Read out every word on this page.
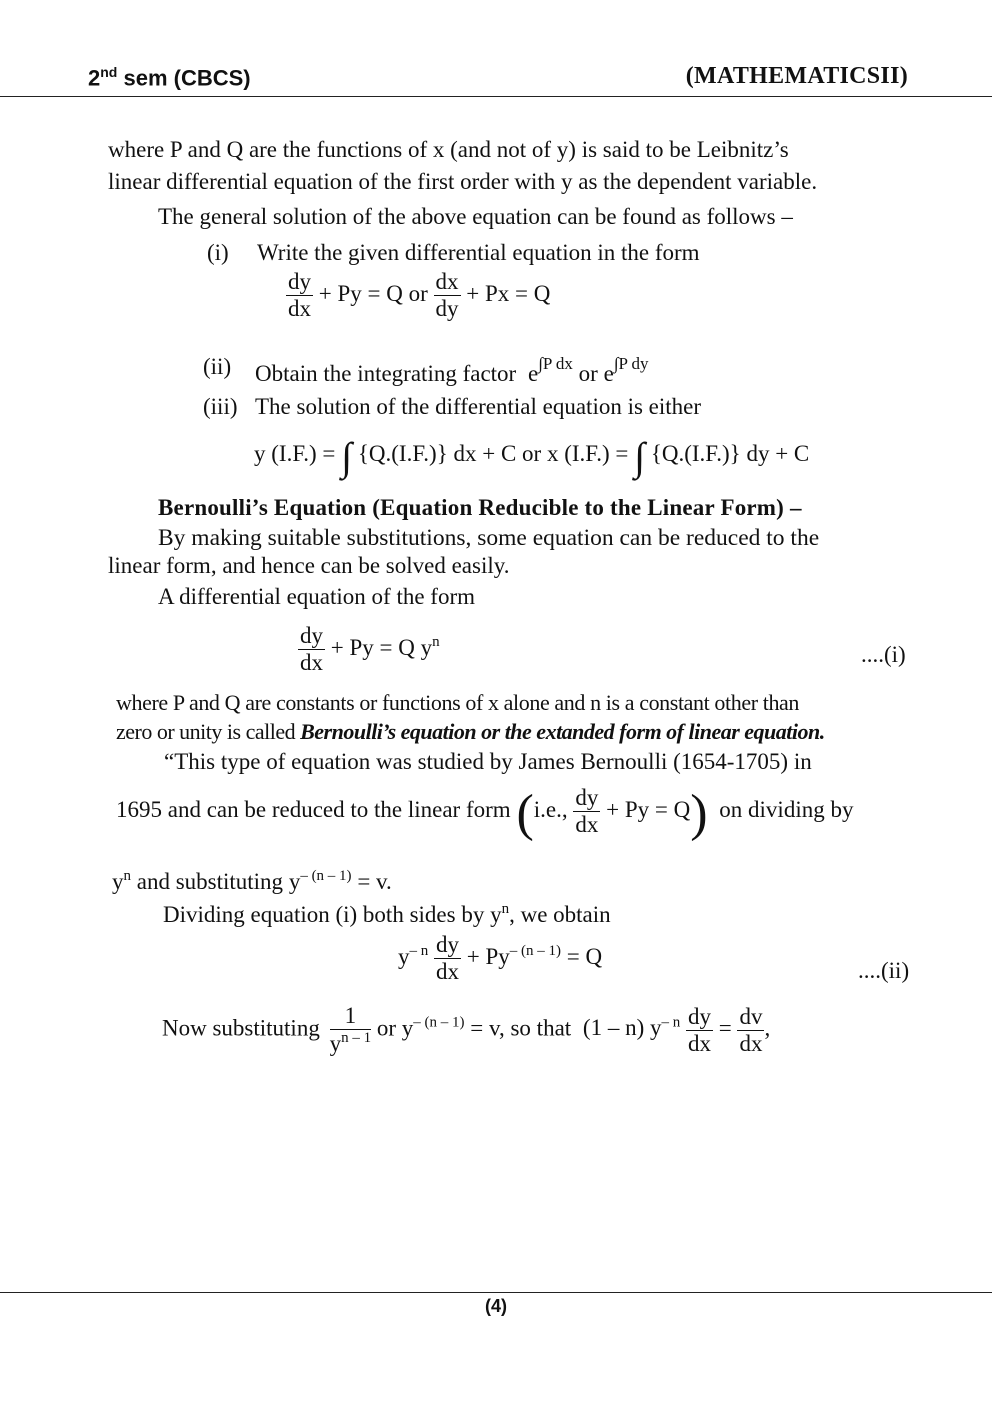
2nd sem (CBCS)	(MATHEMATICSII)
where P and Q are the functions of x (and not of y) is said to be Leibnitz’s
linear differential equation of the first order with y as the dependent variable.
The general solution of the above equation can be found as follows –
(i) Write the given differential equation in the form
$\frac{dy}{dx} + Py = Q$ or $\frac{dx}{dy} + Px = Q$
(ii) Obtain the integrating factor $e^{\int P dx}$ or $e^{\int P dy}$
(iii) The solution of the differential equation is either
y (I.F.) = ∫ {Q.(I.F.)} dx + C or x (I.F.) = ∫ {Q.(I.F.)} dy + C
Bernoulli’s Equation (Equation Reducible to the Linear Form) –
By making suitable substitutions, some equation can be reduced to the
linear form, and hence can be solved easily.
A differential equation of the form
$\frac{dy}{dx} + Py = Q$ $y^n$
....(i)
where P and Q are constants or functions of x alone and n is a constant other than
zero or unity is called Bernoulli’s equation or the extanded form of linear equation.
“This type of equation was studied by James Bernoulli (1654-1705) in
1695 and can be reduced to the linear form (i.e., $\frac{dy}{dx} + Py = Q$) on dividing by
$y^n$ and substituting $y^{- (n - 1)} = v$.
Dividing equation (i) both sides by $y^n$, we obtain
$y^{- n} \frac{dy}{dx} + Py^{- (n - 1)} = Q$
....(ii)
Now substituting $\frac{1}{y^{n - 1}}$ or $y^{- (n - 1)} = v$, so that (1 – n) $y^{- n} \frac{dy}{dx} = \frac{dv}{dx}$ ,
(4)
